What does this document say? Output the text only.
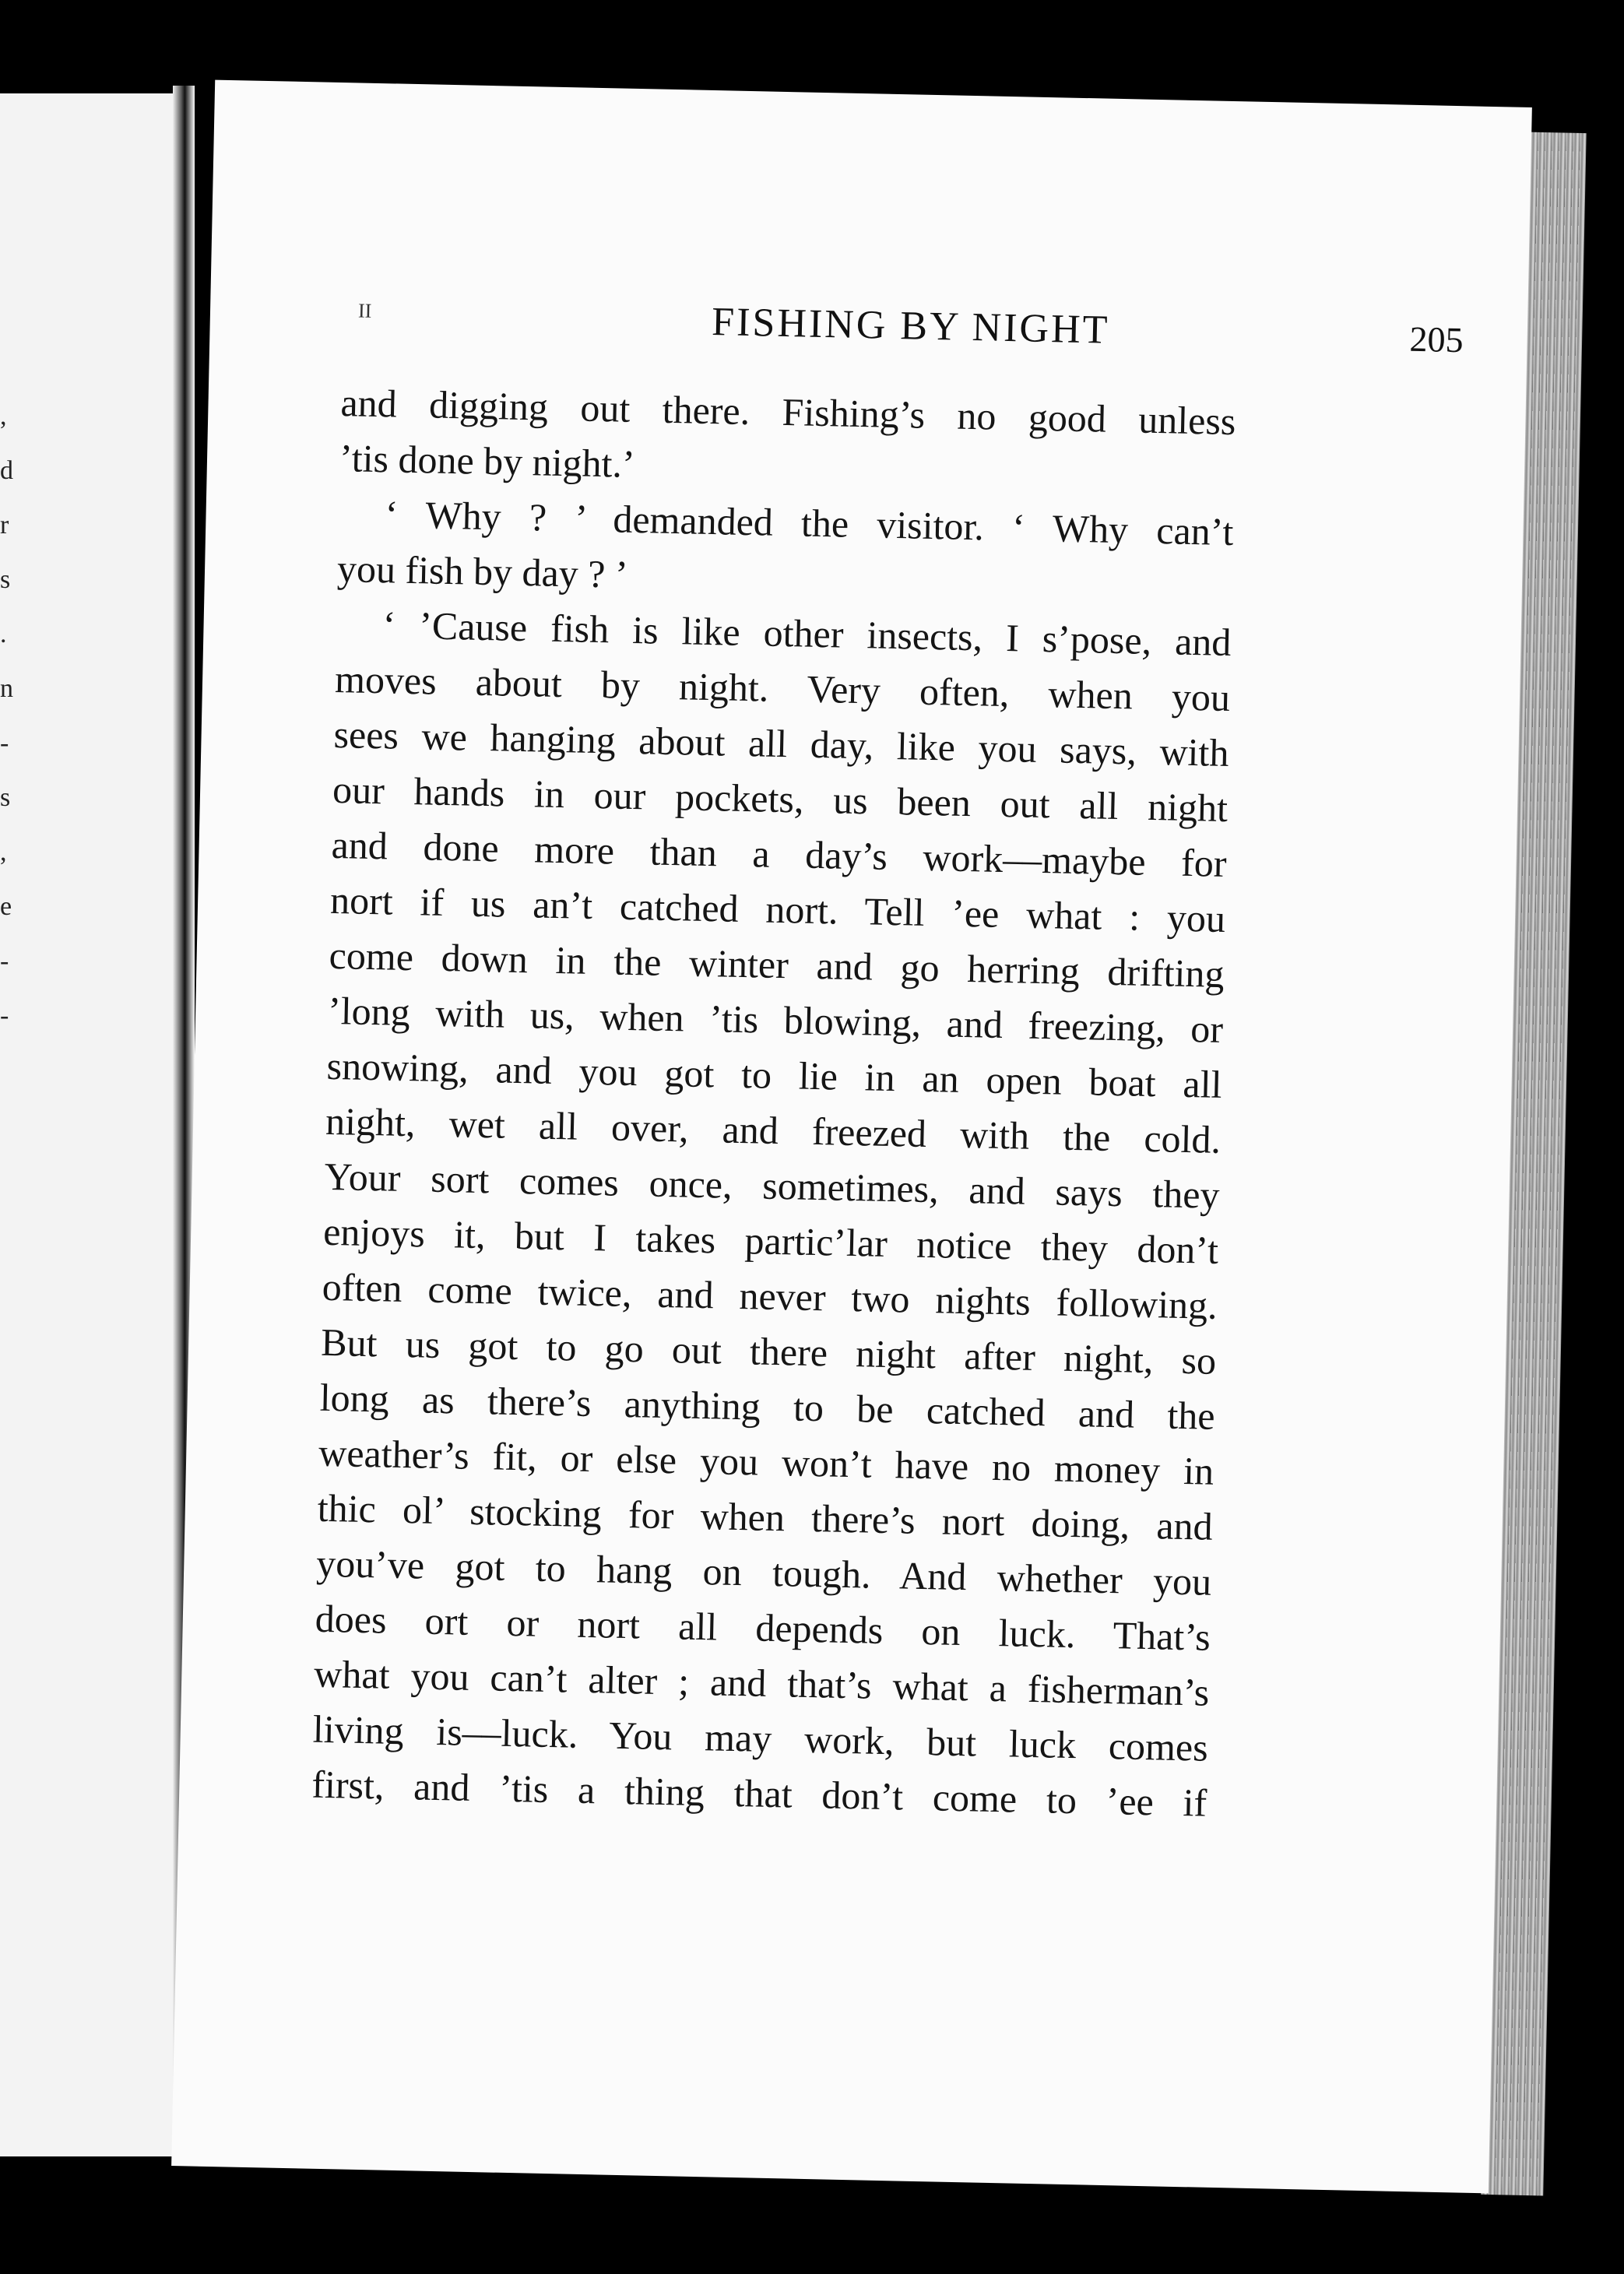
,
d
r
s
.
n
-
s
,
e
-
-
II	FISHING BY NIGHT	205
and digging out there. Fishing’s no good unless
’tis done by night.’
‘ Why ? ’ demanded the visitor. ‘ Why can’t
you fish by day ? ’
‘ ’Cause fish is like other insects, I s’pose, and
moves about by night. Very often, when you
sees we hanging about all day, like you says, with
our hands in our pockets, us been out all night
and done more than a day’s work––maybe for
nort if us an’t catched nort. Tell ’ee what : you
come down in the winter and go herring drifting
’long with us, when ’tis blowing, and freezing, or
snowing, and you got to lie in an open boat all
night, wet all over, and freezed with the cold.
Your sort comes once, sometimes, and says they
enjoys it, but I takes partic’lar notice they don’t
often come twice, and never two nights following.
But us got to go out there night after night, so
long as there’s anything to be catched and the
weather’s fit, or else you won’t have no money in
thic ol’ stocking for when there’s nort doing, and
you’ve got to hang on tough. And whether you
does ort or nort all depends on luck. That’s
what you can’t alter ; and that’s what a fisherman’s
living is––luck. You may work, but luck comes
first, and ’tis a thing that don’t come to ’ee if
